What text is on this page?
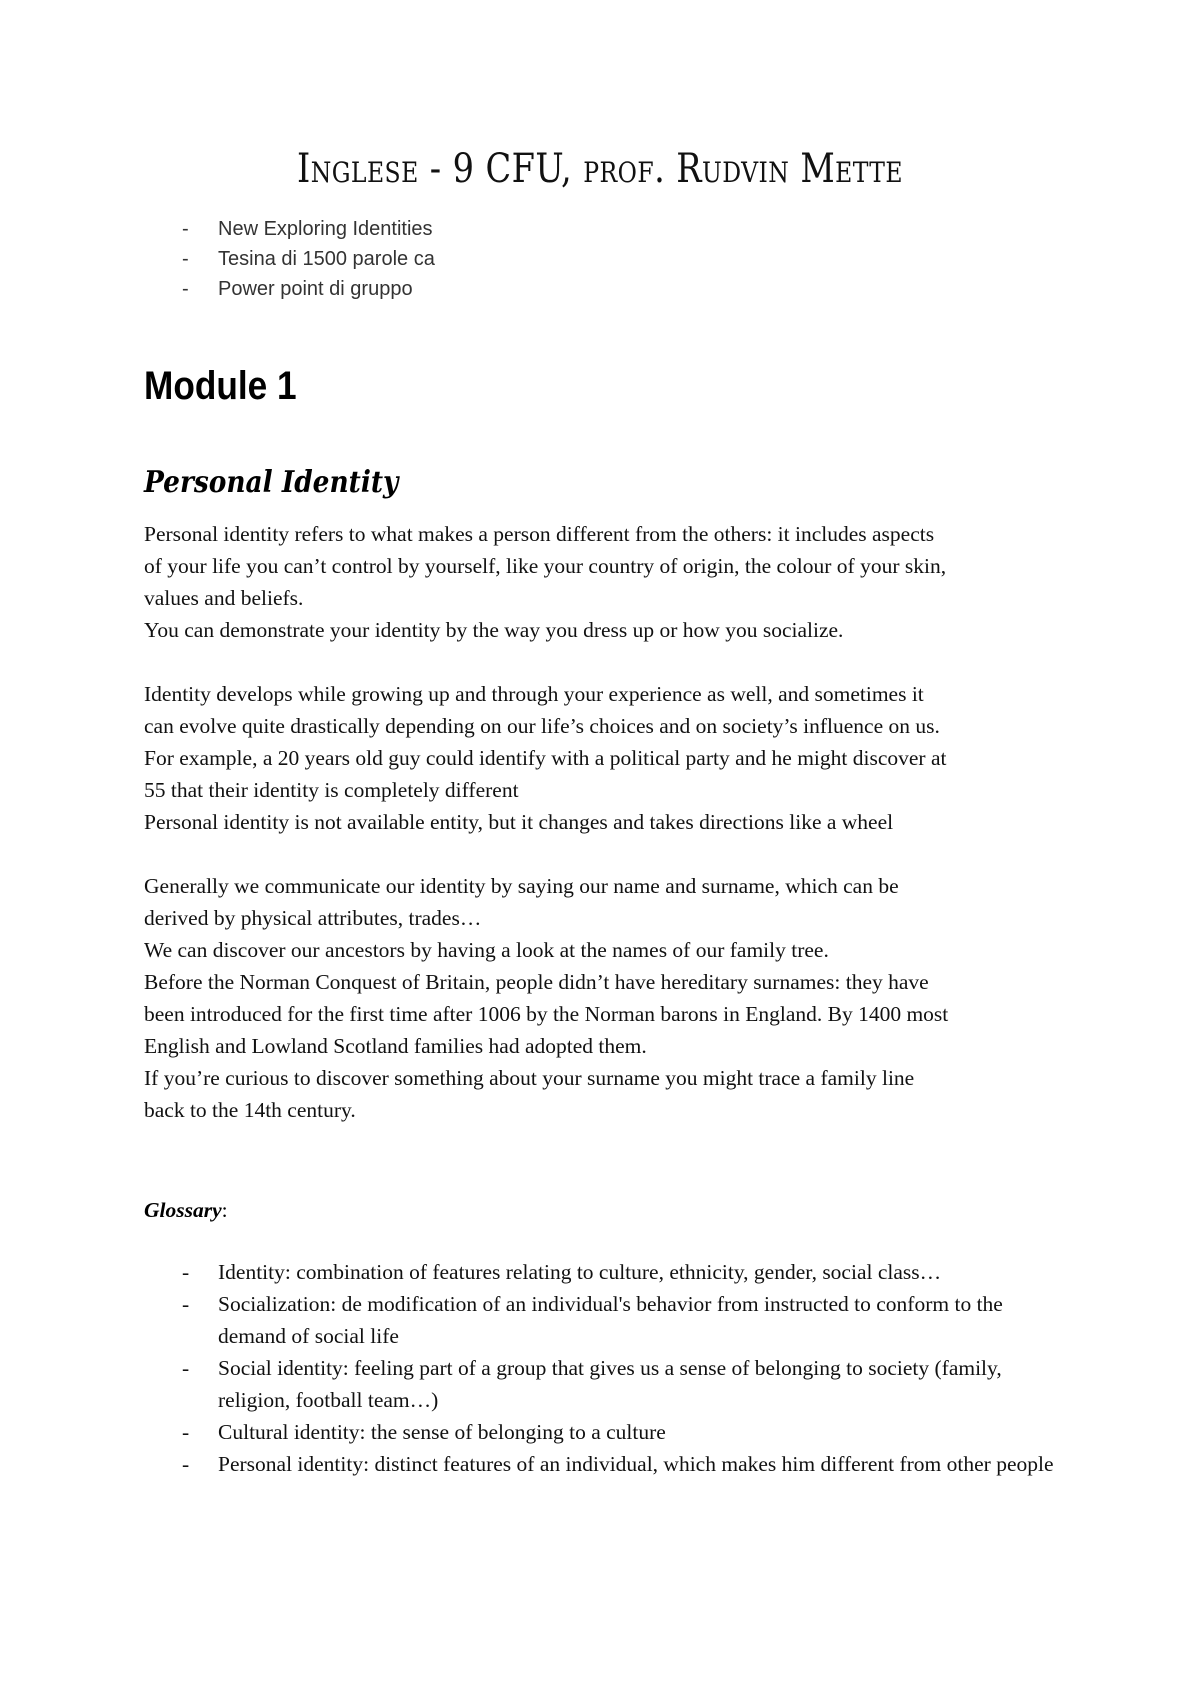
Inglese - 9 CFU, prof. Rudvin Mette
- New Exploring Identities
- Tesina di 1500 parole ca
- Power point di gruppo
Module 1
Personal Identity
Personal identity refers to what makes a person different from the others: it includes aspects
of your life you can’t control by yourself, like your country of origin, the colour of your skin,
values and beliefs.
You can demonstrate your identity by the way you dress up or how you socialize.
Identity develops while growing up and through your experience as well, and sometimes it
can evolve quite drastically depending on our life’s choices and on society’s influence on us.
For example, a 20 years old guy could identify with a political party and he might discover at
55 that their identity is completely different
Personal identity is not available entity, but it changes and takes directions like a wheel
Generally we communicate our identity by saying our name and surname, which can be
derived by physical attributes, trades…
We can discover our ancestors by having a look at the names of our family tree.
Before the Norman Conquest of Britain, people didn’t have hereditary surnames: they have
been introduced for the first time after 1006 by the Norman barons in England. By 1400 most
English and Lowland Scotland families had adopted them.
If you’re curious to discover something about your surname you might trace a family line
back to the 14th century.
Glossary:
-	Identity: combination of features relating to culture, ethnicity, gender, social class…
-	Socialization: de modification of an individual's behavior from instructed to conform to the demand of social life
-	Social identity: feeling part of a group that gives us a sense of belonging to society (family, religion, football team…)
-	Cultural identity: the sense of belonging to a culture
-	Personal identity: distinct features of an individual, which makes him different from other people
